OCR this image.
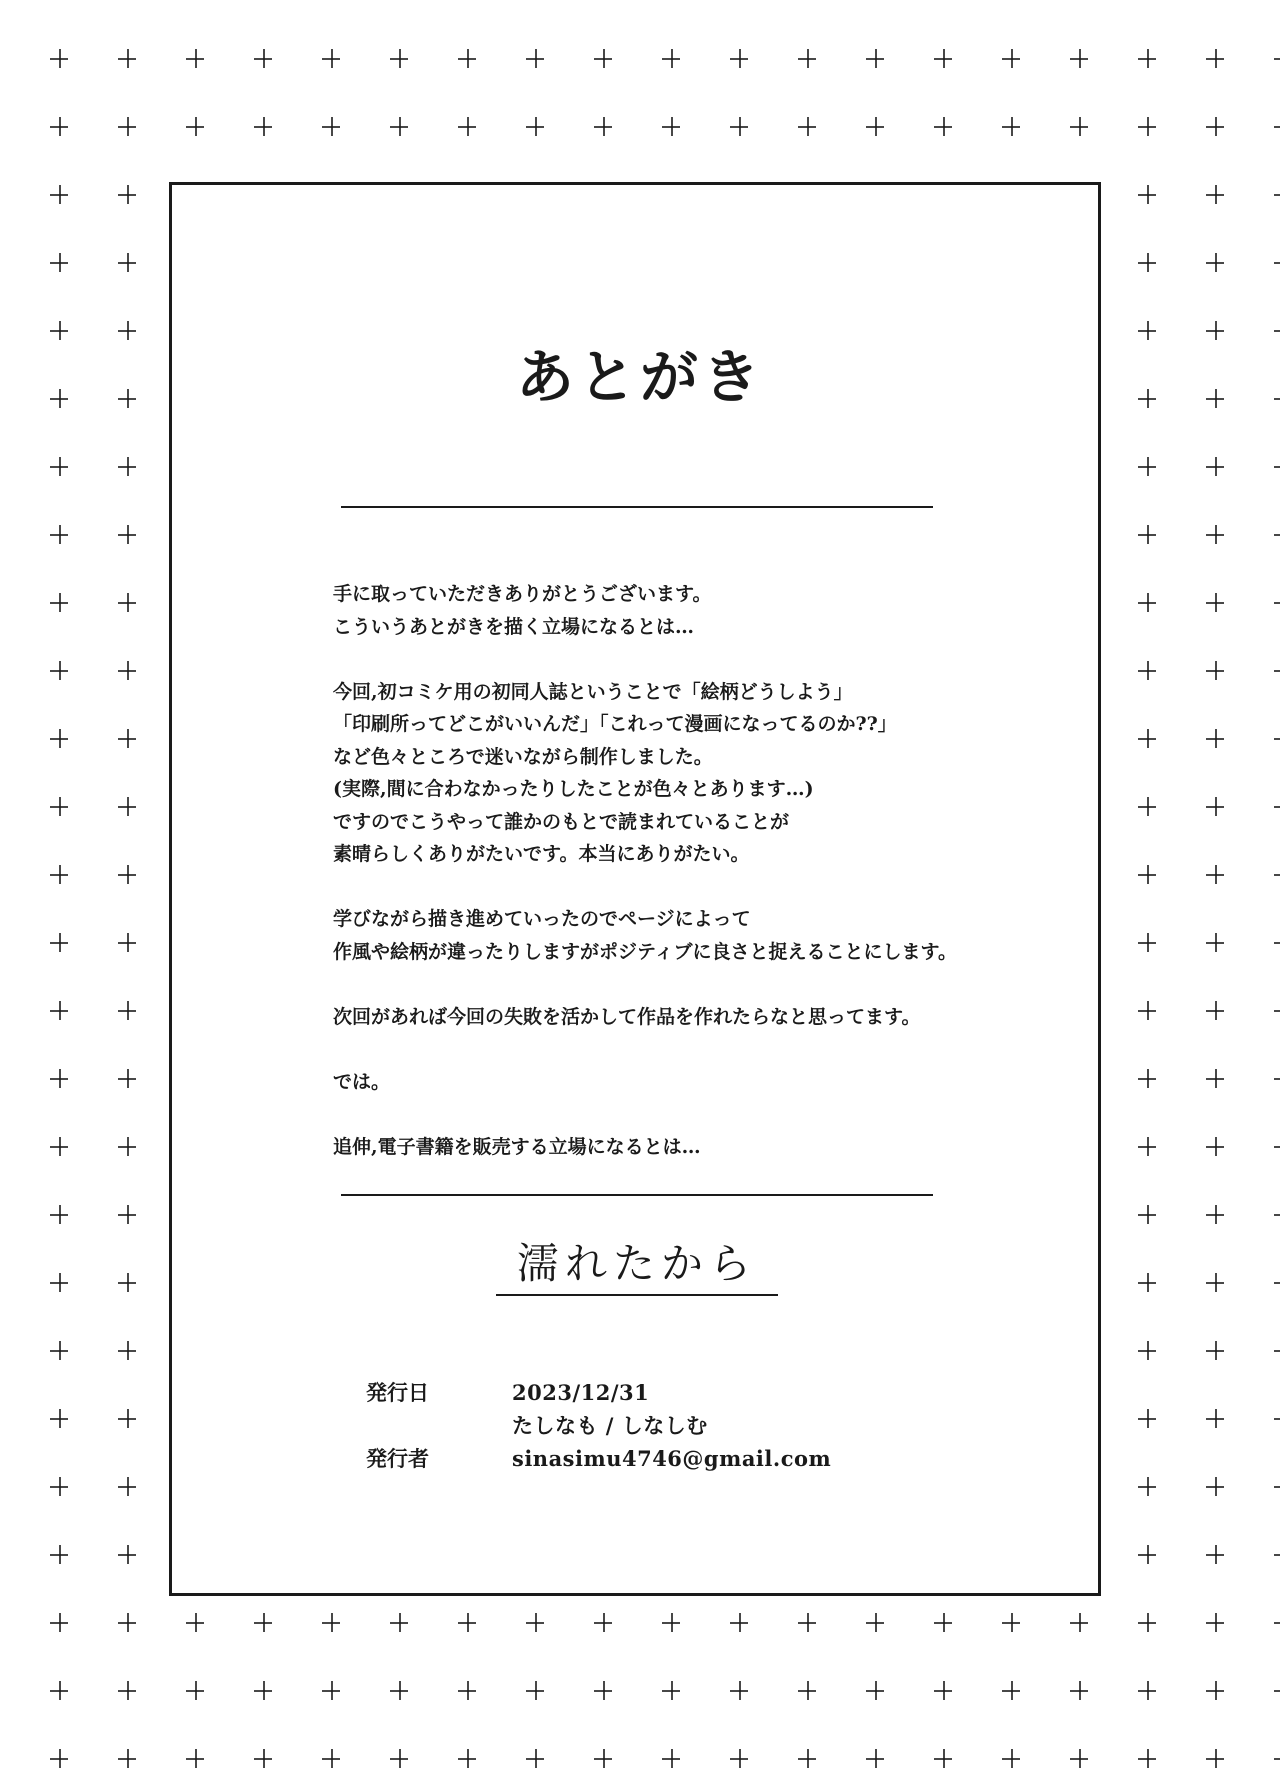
あとがき
手に取っていただきありがとうございます。
こういうあとがきを描く立場になるとは…
今回,初コミケ用の初同人誌ということで「絵柄どうしよう」
「印刷所ってどこがいいんだ」「これって漫画になってるのか??」
など色々ところで迷いながら制作しました。
(実際,間に合わなかったりしたことが色々とあります…)
ですのでこうやって誰かのもとで読まれていることが
素晴らしくありがたいです。本当にありがたい。
学びながら描き進めていったのでページによって
作風や絵柄が違ったりしますがポジティブに良さと捉えることにします。
次回があれば今回の失敗を活かして作品を作れたらなと思ってます。
では。
追伸,電子書籍を販売する立場になるとは…
濡れたから
発行日	2023/12/31
たしなも / しなしむ
発行者	sinasimu4746@gmail.com
